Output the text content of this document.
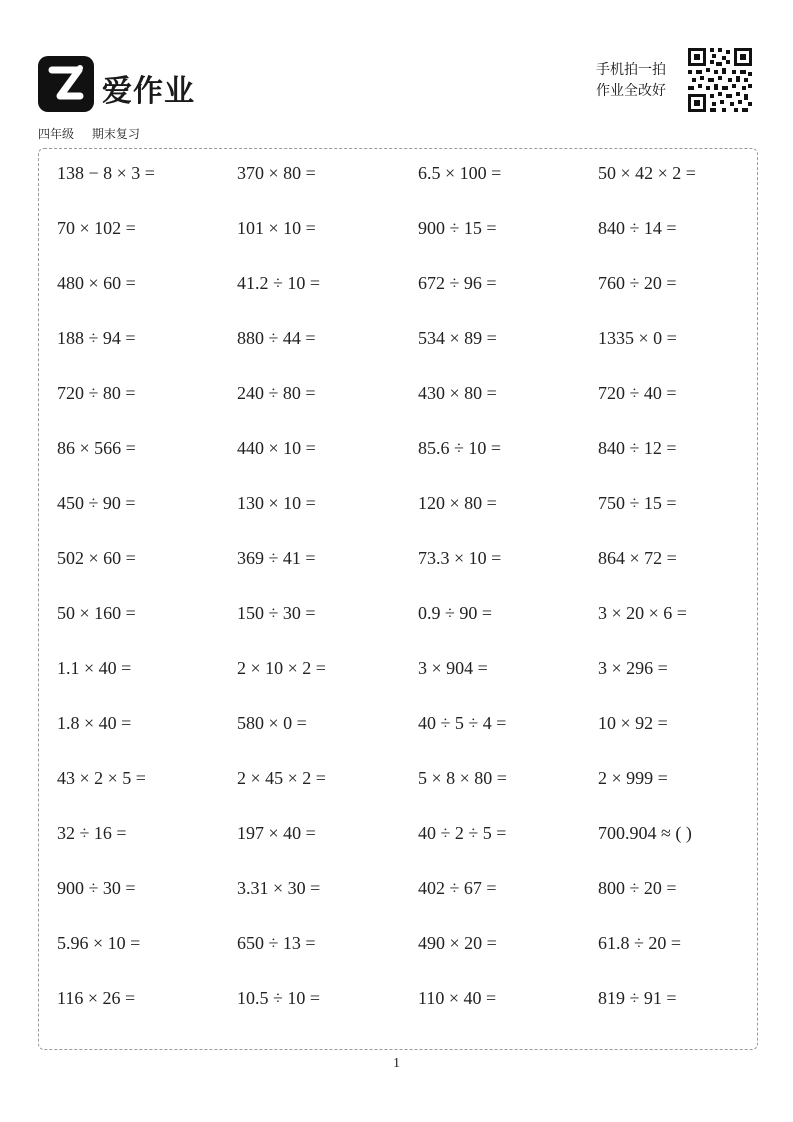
爱作业
手机拍一拍
作业全改好
四年级 期末复习
138 − 8 × 3 =	370 × 80 =	6.5 × 100 =	50 × 42 × 2 =
70 × 102 =	101 × 10 =	900 ÷ 15 =	840 ÷ 14 =
480 × 60 =	41.2 ÷ 10 =	672 ÷ 96 =	760 ÷ 20 =
188 ÷ 94 =	880 ÷ 44 =	534 × 89 =	1335 × 0 =
720 ÷ 80 =	240 ÷ 80 =	430 × 80 =	720 ÷ 40 =
86 × 566 =	440 × 10 =	85.6 ÷ 10 =	840 ÷ 12 =
450 ÷ 90 =	130 × 10 =	120 × 80 =	750 ÷ 15 =
502 × 60 =	369 ÷ 41 =	73.3 × 10 =	864 × 72 =
50 × 160 =	150 ÷ 30 =	0.9 ÷ 90 =	3 × 20 × 6 =
1.1 × 40 =	2 × 10 × 2 =	3 × 904 =	3 × 296 =
1.8 × 40 =	580 × 0 =	40 ÷ 5 ÷ 4 =	10 × 92 =
43 × 2 × 5 =	2 × 45 × 2 =	5 × 8 × 80 =	2 × 999 =
32 ÷ 16 =	197 × 40 =	40 ÷ 2 ÷ 5 =	700.904 ≈ ( )
900 ÷ 30 =	3.31 × 30 =	402 ÷ 67 =	800 ÷ 20 =
5.96 × 10 =	650 ÷ 13 =	490 × 20 =	61.8 ÷ 20 =
116 × 26 =	10.5 ÷ 10 =	110 × 40 =	819 ÷ 91 =
1
